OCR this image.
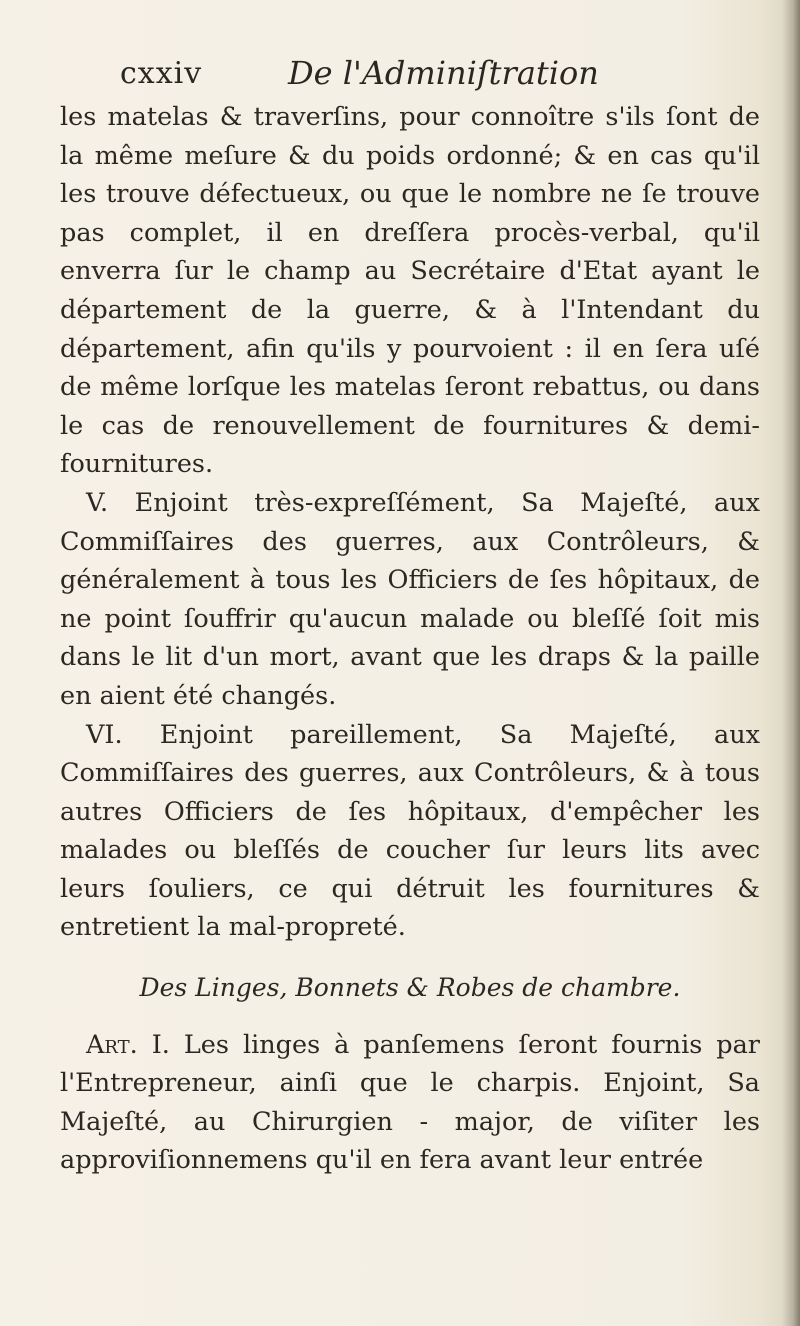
cxxiv	De l'Adminiſtration

les matelas & traverſins, pour connoître s'ils ſont de la même meſure & du poids ordonné; & en cas qu'il les trouve défectueux, ou que le nombre ne ſe trouve pas complet, il en dreſſera procès-verbal, qu'il enverra ſur le champ au Secrétaire d'Etat ayant le département de la guerre, & à l'Intendant du département, afin qu'ils y pourvoient : il en ſera uſé de même lorſque les matelas ſeront rebattus, ou dans le cas de renouvellement de fournitures & demi-fournitures.

V. Enjoint très-expreſſément, Sa Majeſté, aux Commiſſaires des guerres, aux Contrôleurs, & généralement à tous les Officiers de ſes hôpitaux, de ne point ſouffrir qu'aucun malade ou bleſſé ſoit mis dans le lit d'un mort, avant que les draps & la paille en aient été changés.

VI. Enjoint pareillement, Sa Majeſté, aux Commiſſaires des guerres, aux Contrôleurs, & à tous autres Officiers de ſes hôpitaux, d'empêcher les malades ou bleſſés de coucher ſur leurs lits avec leurs ſouliers, ce qui détruit les fournitures & entretient la mal-propreté.

Des Linges, Bonnets & Robes de chambre.

Art. I. Les linges à panſemens ſeront fournis par l'Entrepreneur, ainſi que le charpis. Enjoint, Sa Majeſté, au Chirurgien - major, de viſiter les approviſionnemens qu'il en fera avant leur entrée
